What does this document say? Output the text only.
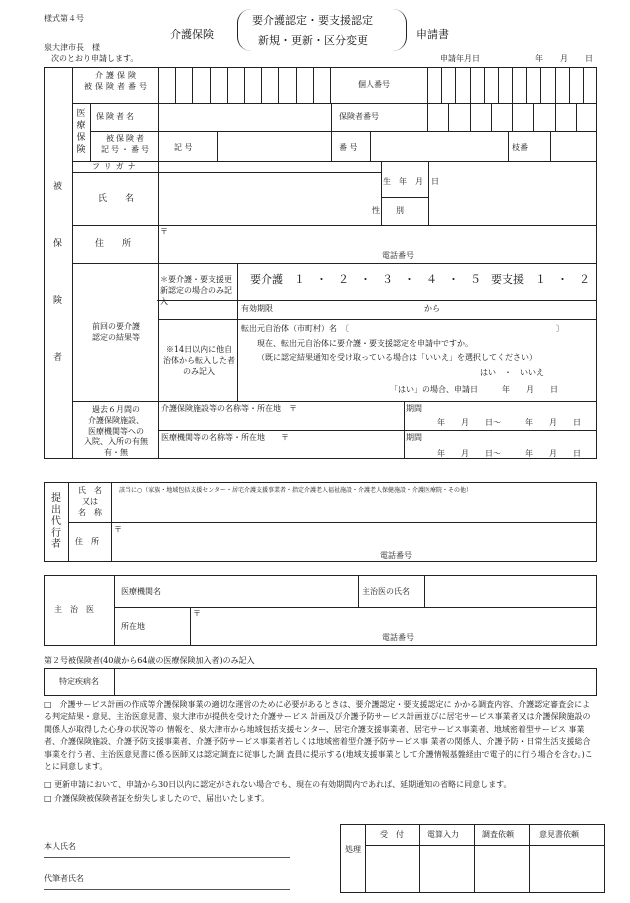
様式第４号
介護保険
要介護認定・要支援認定
新規・更新・区分変更	申請書
泉大津市長　様
次のとおり申請します。	申請年月日	年 月 日
被
保
険
者
介護保険
被保険者番号	個人番号
医療保険
保険者名	保険者番号
被保険者
記号・番号	記 号	番 号	枝番
フリガナ
氏　　名
生　年　月　日
性　　別
住　　所
〒
電話番号
前回の要介護
認定の結果等
＊要介護・要支援更新認定の場合のみ記入
要介護　１　・　２　・　３　・　４　・　５ 要支援　１　・　２
有効期限	から
※14日以内に他自治体から転入した者のみ記入
転出元自治体（市町村）名　〔	〕
現在、転出元自治体に要介護・要支援認定を申請中ですか。
（既に認定結果通知を受け取っている場合は「いいえ」を選択してください）
はい　・　いいえ
「はい」の場合、申請日　　　年　　月　　日
過去６月間の
介護保険施設、
医療機関等への
入院、入所の有無
有・無
介護保険施設等の名称等・所在地　〒
医療機関等の名称等・所在地　　〒
期間
年　　月　　日～　　　年　　月　　日
期間
年　　月　　日～　　　年　　月　　日
提出代行者
氏　名
又は
名　称
該当に○（家族・地域包括支援センター・居宅介護支援事業者・指定介護老人福祉施設・介護老人保健施設・介護医療院・その他）
住　所
〒
電話番号
主　治　医
医療機関名	主治医の氏名
所在地
〒
電話番号
第２号被保険者(40歳から64歳の医療保険加入者)のみ記入
特定疾病名
□　介護サービス計画の作成等介護保険事業の適切な運営のために必要があるときは、要介護認定・要支援認定に かかる調査内容、介護認定審査会による判定結果・意見、主治医意見書、泉大津市が提供を受けた介護サービス 計画及び介護予防サービス計画並びに居宅サービス事業者又は介護保険施設の関係人が取得した心身の状況等の 情報を、泉大津市から地域包括支援センター、居宅介護支援事業者、居宅サービス事業者、地域密着型サービス 事業者、介護保険施設、介護予防支援事業者、介護予防サービス事業者若しくは地域密着型介護予防サービス事 業者の関係人、介護予防・日常生活支援総合事業を行う者、主治医意見書に係る医師又は認定調査に従事した調 査員に提示する(地域支援事業として介護情報基盤経由で電子的に行う場合を含む。)ことに同意します。
□ 更新申請において、申請から30日以内に認定がされない場合でも、現在の有効期間内であれば、延期通知の省略に同意します。
□ 介護保険被保険者証を紛失しましたので、届出いたします。
本人氏名
代筆者氏名
処理
受　付	電算入力	調査依頼	意見書依頼
